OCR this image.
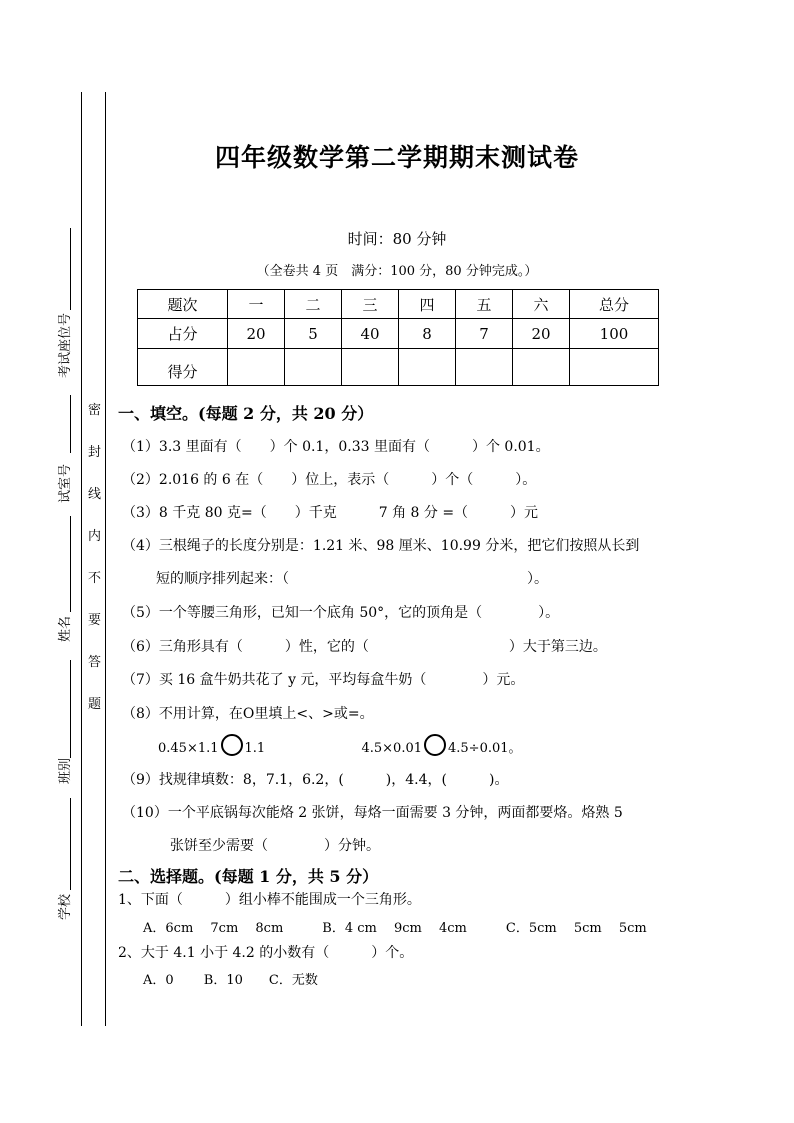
密
封
线
内
不
要
答
题
考试座位号
试室号
姓名
班别
学校
四年级数学第二学期期末测试卷
时间：80 分钟
（全卷共 4 页　满分：100 分，80 分钟完成。）
题次	一	二	三	四	五	六	总分
占分	20	5	40	8	7	20	100
得分							
一、填空。(每题 2 分，共 20 分）
（1）3.3 里面有（　　）个 0.1，0.33 里面有（　　　）个 0.01。
（2）2.016 的 6 在（　　）位上，表示（　　　）个（　　　）。
（3）8 千克 80 克=（　　）千克　　　7 角 8 分 =（　　　）元
（4）三根绳子的长度分别是：1.21 米、98 厘米、10.99 分米，把它们按照从长到
短的顺序排列起来：（　　　　　　　　　　　　　　　　　）。
（5）一个等腰三角形，已知一个底角 50°，它的顶角是（　　　　）。
（6）三角形具有（　　　）性，它的（　　　　　　　　　　）大于第三边。
（7）买 16 盒牛奶共花了 y 元，平均每盒牛奶（　　　　）元。
（8）不用计算，在O里填上<、>或=。
0.45×1.1 1.1	4.5×0.01 4.5÷0.01。
（9）找规律填数：8，7.1，6.2，(　　　)，4.4，(　　　)。
（10）一个平底锅每次能烙 2 张饼，每烙一面需要 3 分钟，两面都要烙。烙熟 5
张饼至少需要（　　　　）分钟。
二、选择题。(每题 1 分，共 5 分）
1、下面（　　　）组小棒不能围成一个三角形。
A．6cm　 7cm　 8cm　　　B．4 cm　 9cm　 4cm　　　C．5cm　 5cm　 5cm
2、大于 4.1 小于 4.2 的小数有（　　　）个。
A．0　　 B．10　　C．无数
